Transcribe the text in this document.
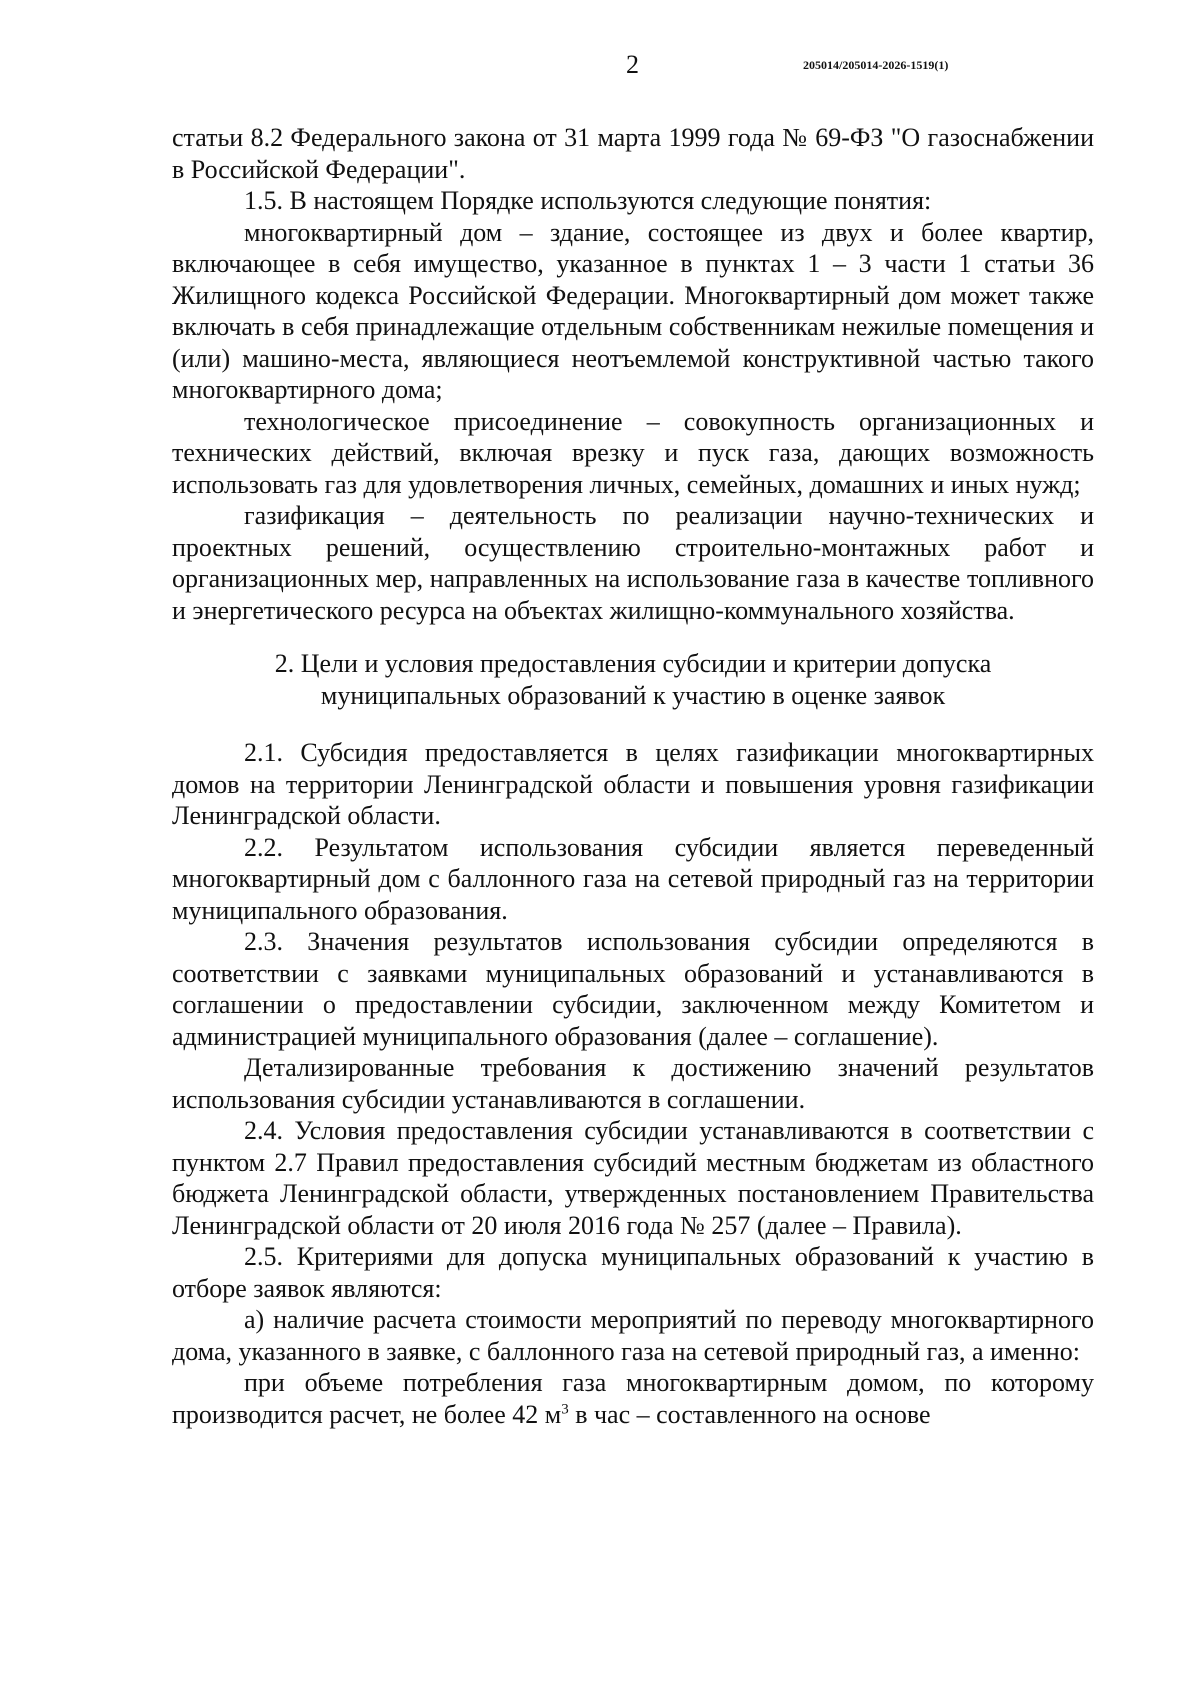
2	205014/205014-2026-1519(1)

статьи 8.2 Федерального закона от 31 марта 1999 года № 69-ФЗ "О газоснабжении в Российской Федерации".

1.5. В настоящем Порядке используются следующие понятия:

многоквартирный дом – здание, состоящее из двух и более квартир, включающее в себя имущество, указанное в пунктах 1 – 3 части 1 статьи 36 Жилищного кодекса Российской Федерации. Многоквартирный дом может также включать в себя принадлежащие отдельным собственникам нежилые помещения и (или) машино-места, являющиеся неотъемлемой конструктивной частью такого многоквартирного дома;

технологическое присоединение – совокупность организационных и технических действий, включая врезку и пуск газа, дающих возможность использовать газ для удовлетворения личных, семейных, домашних и иных нужд;

газификация – деятельность по реализации научно-технических и проектных решений, осуществлению строительно-монтажных работ и организационных мер, направленных на использование газа в качестве топливного и энергетического ресурса на объектах жилищно-коммунального хозяйства.

2. Цели и условия предоставления субсидии и критерии допуска муниципальных образований к участию в оценке заявок

2.1. Субсидия предоставляется в целях газификации многоквартирных домов на территории Ленинградской области и повышения уровня газификации Ленинградской области.

2.2. Результатом использования субсидии является переведенный многоквартирный дом с баллонного газа на сетевой природный газ на территории муниципального образования.

2.3. Значения результатов использования субсидии определяются в соответствии с заявками муниципальных образований и устанавливаются в соглашении о предоставлении субсидии, заключенном между Комитетом и администрацией муниципального образования (далее – соглашение).

Детализированные требования к достижению значений результатов использования субсидии устанавливаются в соглашении.

2.4. Условия предоставления субсидии устанавливаются в соответствии с пунктом 2.7 Правил предоставления субсидий местным бюджетам из областного бюджета Ленинградской области, утвержденных постановлением Правительства Ленинградской области от 20 июля 2016 года № 257 (далее – Правила).

2.5. Критериями для допуска муниципальных образований к участию в отборе заявок являются:

а) наличие расчета стоимости мероприятий по переводу многоквартирного дома, указанного в заявке, с баллонного газа на сетевой природный газ, а именно:

при объеме потребления газа многоквартирным домом, по которому производится расчет, не более 42 $м^3$ в час – составленного на основе
